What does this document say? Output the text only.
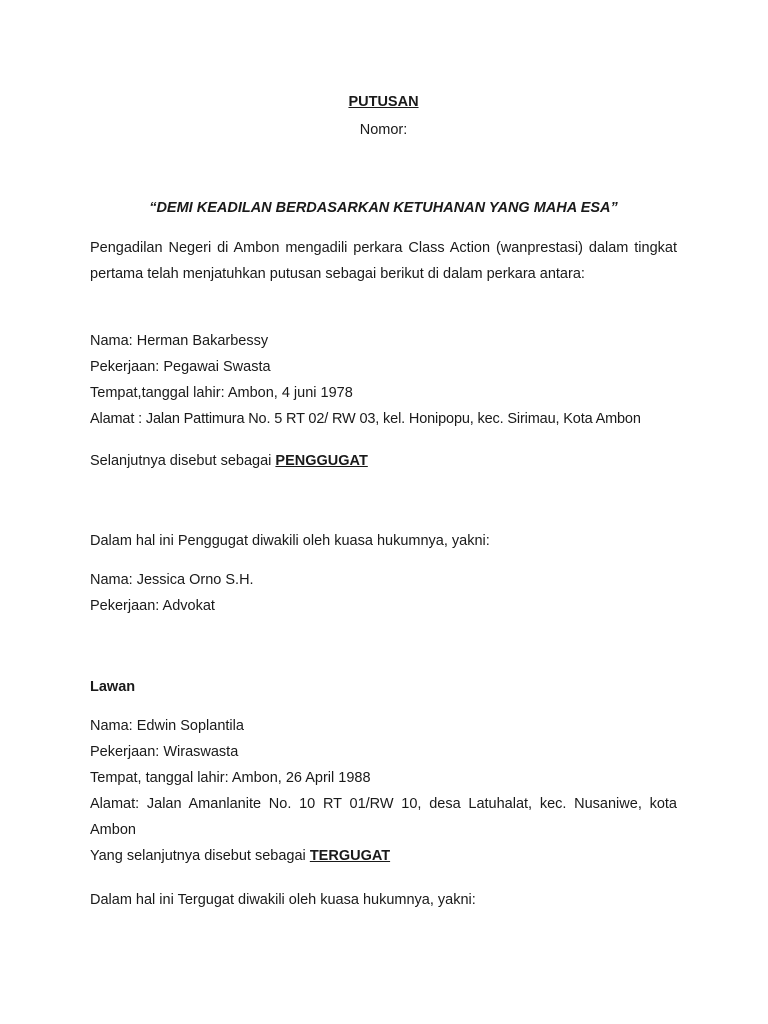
PUTUSAN

Nomor:

“DEMI KEADILAN BERDASARKAN KETUHANAN YANG MAHA ESA”

Pengadilan Negeri di Ambon mengadili perkara Class Action (wanprestasi) dalam tingkat pertama telah menjatuhkan putusan sebagai berikut di dalam perkara antara:

Nama: Herman Bakarbessy
Pekerjaan: Pegawai Swasta
Tempat,tanggal lahir: Ambon, 4 juni 1978
Alamat : Jalan Pattimura No. 5 RT 02/ RW 03, kel. Honipopu, kec. Sirimau, Kota Ambon

Selanjutnya disebut sebagai PENGGUGAT

Dalam hal ini Penggugat diwakili oleh kuasa hukumnya, yakni:

Nama: Jessica Orno S.H.
Pekerjaan: Advokat

Lawan

Nama: Edwin Soplantila
Pekerjaan: Wiraswasta
Tempat, tanggal lahir: Ambon, 26 April 1988
Alamat: Jalan Amanlanite No. 10 RT 01/RW 10, desa Latuhalat, kec. Nusaniwe, kota Ambon
Yang selanjutnya disebut sebagai TERGUGAT

Dalam hal ini Tergugat diwakili oleh kuasa hukumnya, yakni:
